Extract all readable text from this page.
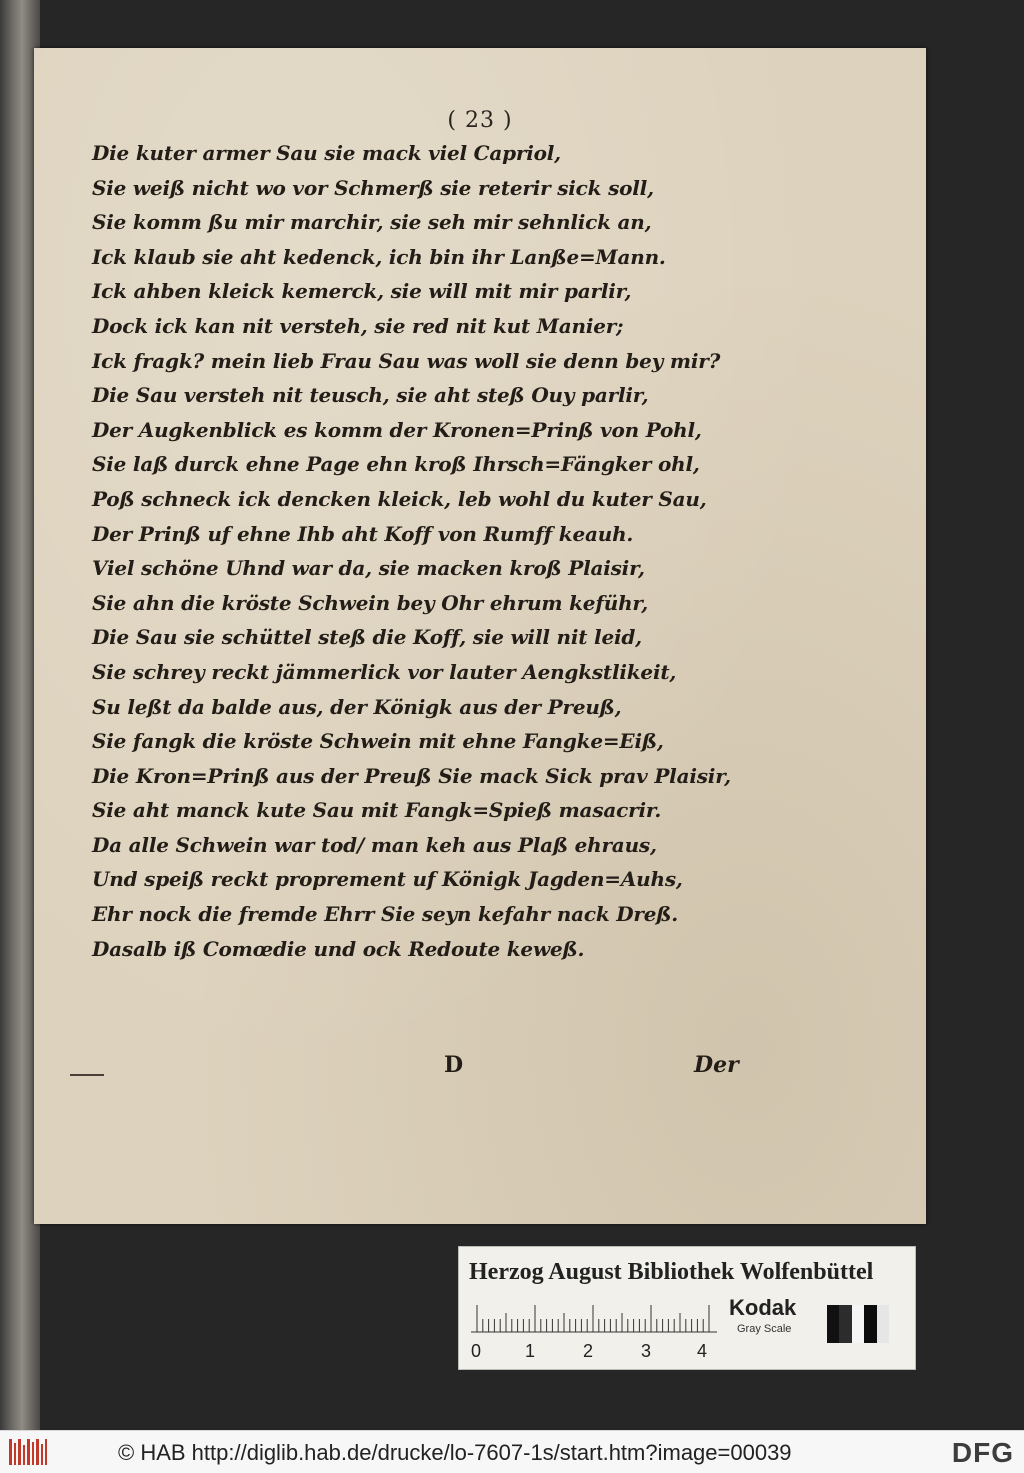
( 23 )
Die kuter armer Sau sie mack viel Capriol,
Sie weiß nicht wo vor Schmerß sie reterir sick soll,
Sie komm ßu mir marchir, sie seh mir sehnlick an,
Ick klaub sie aht kedenck, ich bin ihr Lanße=Mann.
Ick ahben kleick kemerck, sie will mit mir parlir,
Dock ick kan nit versteh, sie red nit kut Manier;
Ick fragk? mein lieb Frau Sau was woll sie denn bey mir?
Die Sau versteh nit teusch, sie aht steß Ouy parlir,
Der Augkenblick es komm der Kronen=Prinß von Pohl,
Sie laß durck ehne Page ehn kroß Ihrsch=Fängker ohl,
Poß schneck ick dencken kleick, leb wohl du kuter Sau,
Der Prinß uf ehne Ihb aht Koff von Rumff keauh.
Viel schöne Uhnd war da, sie macken kroß Plaisir,
Sie ahn die kröste Schwein bey Ohr ehrum keführ,
Die Sau sie schüttel steß die Koff, sie will nit leid,
Sie schrey reckt jämmerlick vor lauter Aengkstlikeit,
Su leßt da balde aus, der Königk aus der Preuß,
Sie fangk die kröste Schwein mit ehne Fangke=Eiß,
Die Kron=Prinß aus der Preuß Sie mack Sick prav Plaisir,
Sie aht manck kute Sau mit Fangk=Spieß masacrir.
Da alle Schwein war tod/ man keh aus Plaß ehraus,
Und speiß reckt proprement uf Königk Jagden=Auhs,
Ehr nock die fremde Ehrr Sie seyn kefahr nack Dreß.
Dasalb iß Comœdie und ock Redoute keweß.
D	Der
Herzog August Bibliothek Wolfenbüttel
0 1	2	3	4
Kodak
Gray Scale
© HAB http://diglib.hab.de/drucke/lo-7607-1s/start.htm?image=00039	DFG
